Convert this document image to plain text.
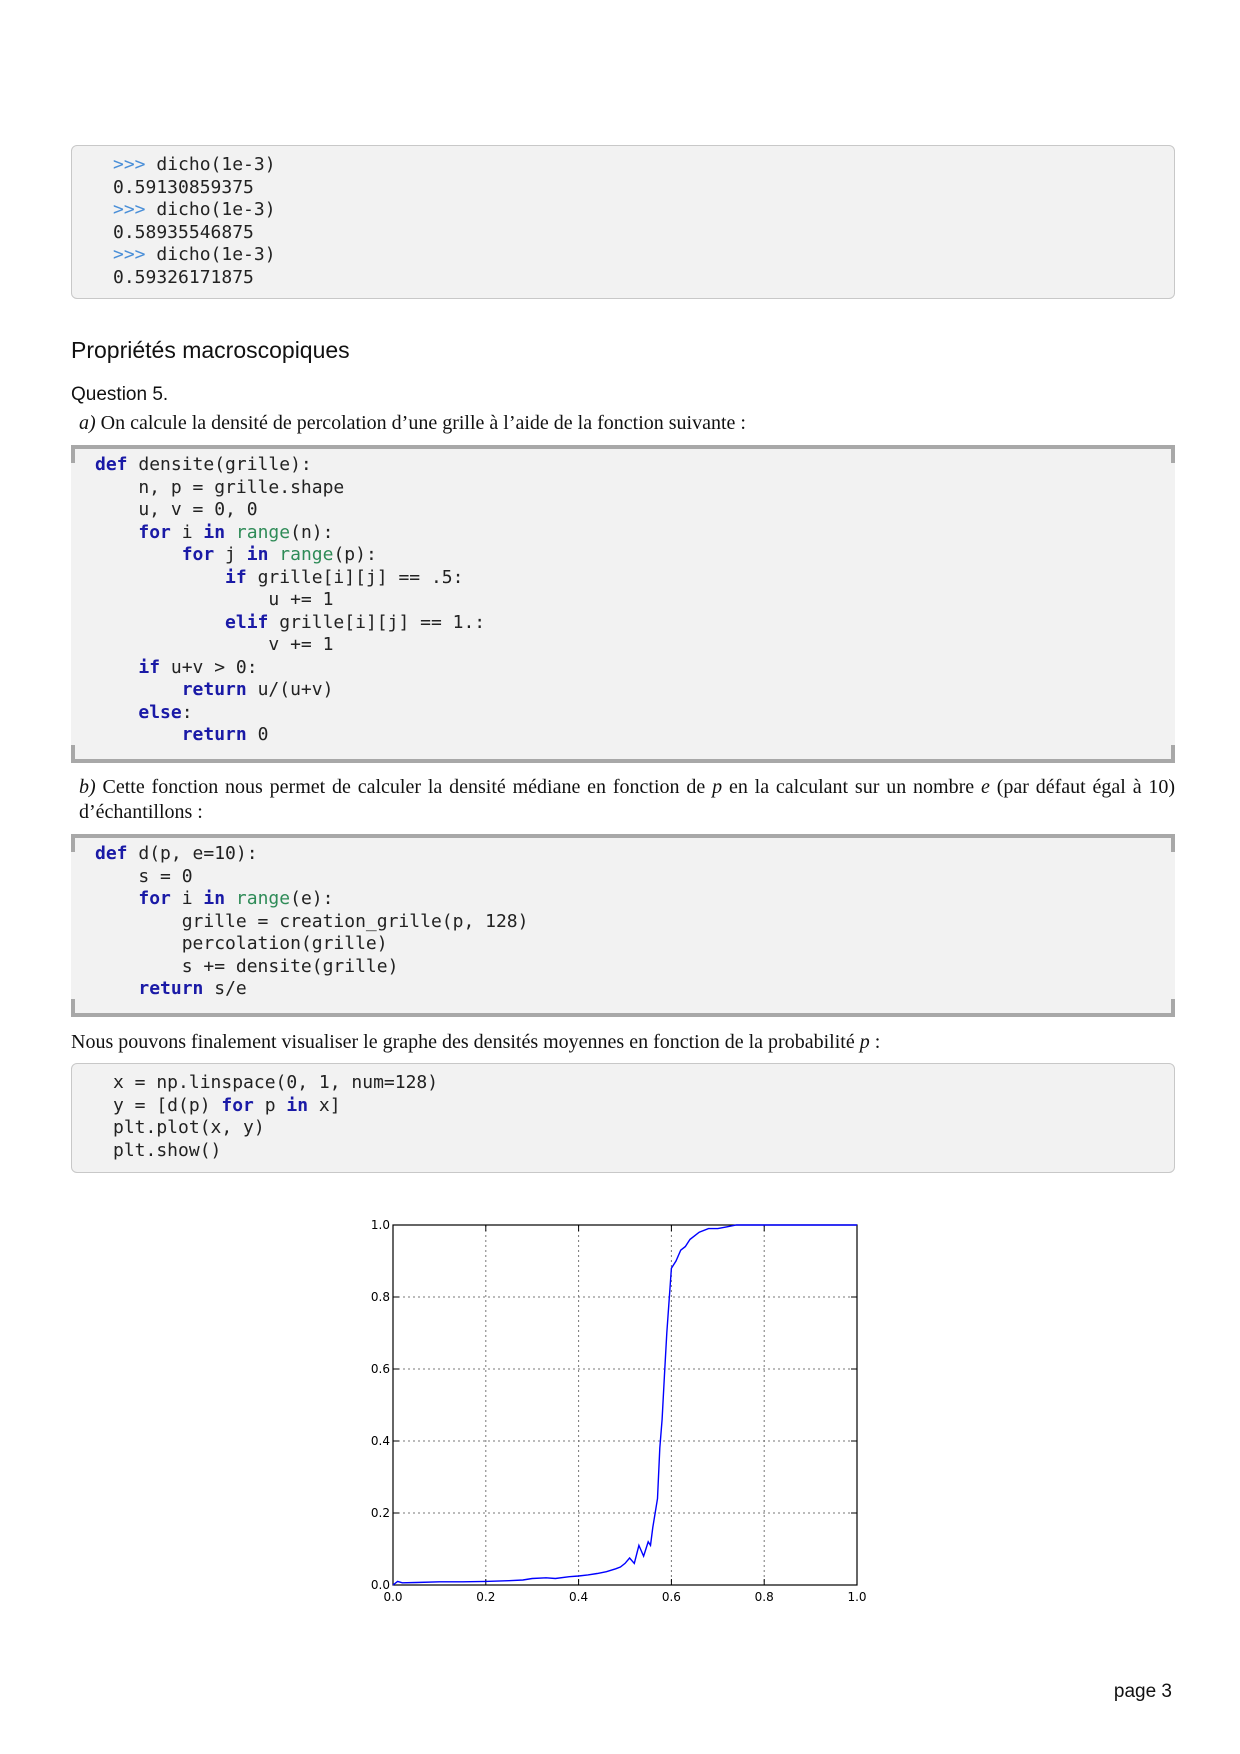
>>> dicho(1e-3)
0.59130859375
>>> dicho(1e-3)
0.58935546875
>>> dicho(1e-3)
0.59326171875
Propriétés macroscopiques
Question 5.
a) On calcule la densité de percolation d’une grille à l’aide de la fonction suivante :
def densite(grille):
n, p = grille.shape
u, v = 0, 0
for i in range(n):
for j in range(p):
if grille[i][j] == .5:
u += 1
elif grille[i][j] == 1.:
v += 1
if u+v > 0:
return u/(u+v)
else:
return 0
b) Cette fonction nous permet de calculer la densité médiane en fonction de p en la calculant sur un nombre e (par défaut égal à 10) d’échantillons :
def d(p, e=10):
s = 0
for i in range(e):
grille = creation_grille(p, 128)
percolation(grille)
s += densite(grille)
return s/e
Nous pouvons finalement visualiser le graphe des densités moyennes en fonction de la probabilité p :
x = np.linspace(0, 1, num=128)
y = [d(p) for p in x]
plt.plot(x, y)
plt.show()
0.0	0.2	0.4	0.6	0.8	1.0
0.0
0.2
0.4
0.6
0.8
1.0
page 3
